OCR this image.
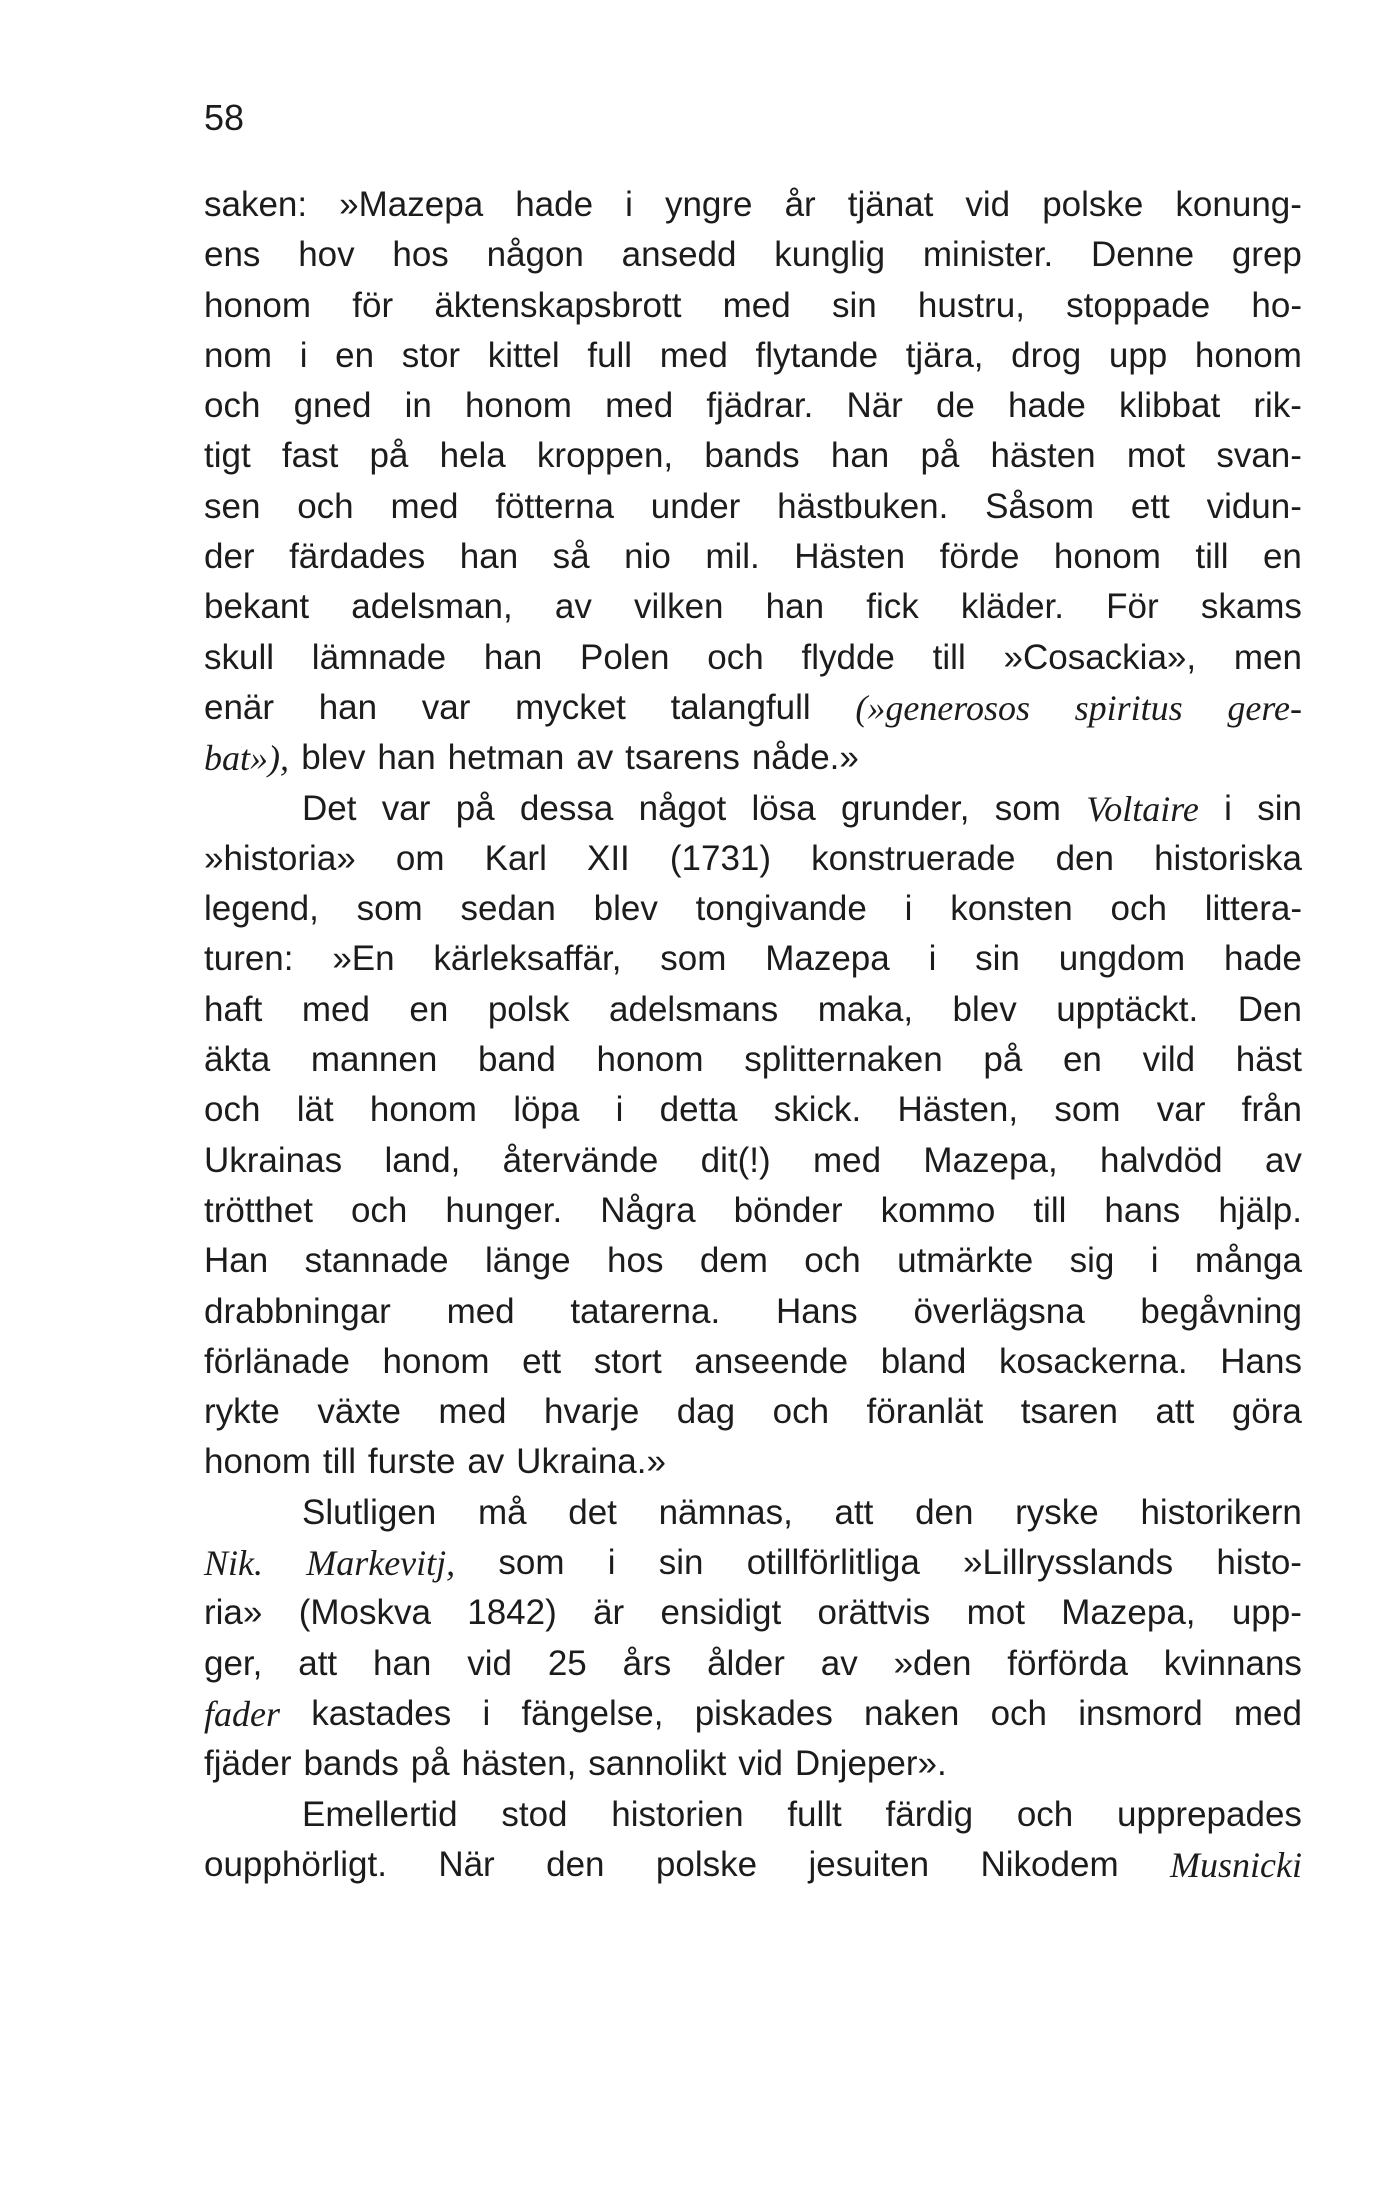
58
saken: »Mazepa hade i yngre år tjänat vid polske konung-
ens hov hos någon ansedd kunglig minister. Denne grep
honom för äktenskapsbrott med sin hustru, stoppade ho-
nom i en stor kittel full med flytande tjära, drog upp honom
och gned in honom med fjädrar. När de hade klibbat rik-
tigt fast på hela kroppen, bands han på hästen mot svan-
sen och med fötterna under hästbuken. Såsom ett vidun-
der färdades han så nio mil. Hästen förde honom till en
bekant adelsman, av vilken han fick kläder. För skams
skull lämnade han Polen och flydde till »Cosackia», men
enär han var mycket talangfull (»generosos spiritus gere-
bat»), blev han hetman av tsarens nåde.»
Det var på dessa något lösa grunder, som Voltaire i sin
»historia» om Karl XII (1731) konstruerade den historiska
legend, som sedan blev tongivande i konsten och littera-
turen: »En kärleksaffär, som Mazepa i sin ungdom hade
haft med en polsk adelsmans maka, blev upptäckt. Den
äkta mannen band honom splitternaken på en vild häst
och lät honom löpa i detta skick. Hästen, som var från
Ukrainas land, återvände dit(!) med Mazepa, halvdöd av
trötthet och hunger. Några bönder kommo till hans hjälp.
Han stannade länge hos dem och utmärkte sig i många
drabbningar med tatarerna. Hans överlägsna begåvning
förlänade honom ett stort anseende bland kosackerna. Hans
rykte växte med hvarje dag och föranlät tsaren att göra
honom till furste av Ukraina.»
Slutligen må det nämnas, att den ryske historikern
Nik. Markevitj, som i sin otillförlitliga »Lillrysslands histo-
ria» (Moskva 1842) är ensidigt orättvis mot Mazepa, upp-
ger, att han vid 25 års ålder av »den förförda kvinnans
fader kastades i fängelse, piskades naken och insmord med
fjäder bands på hästen, sannolikt vid Dnjeper».
Emellertid stod historien fullt färdig och upprepades
oupphörligt. När den polske jesuiten Nikodem Musnicki
